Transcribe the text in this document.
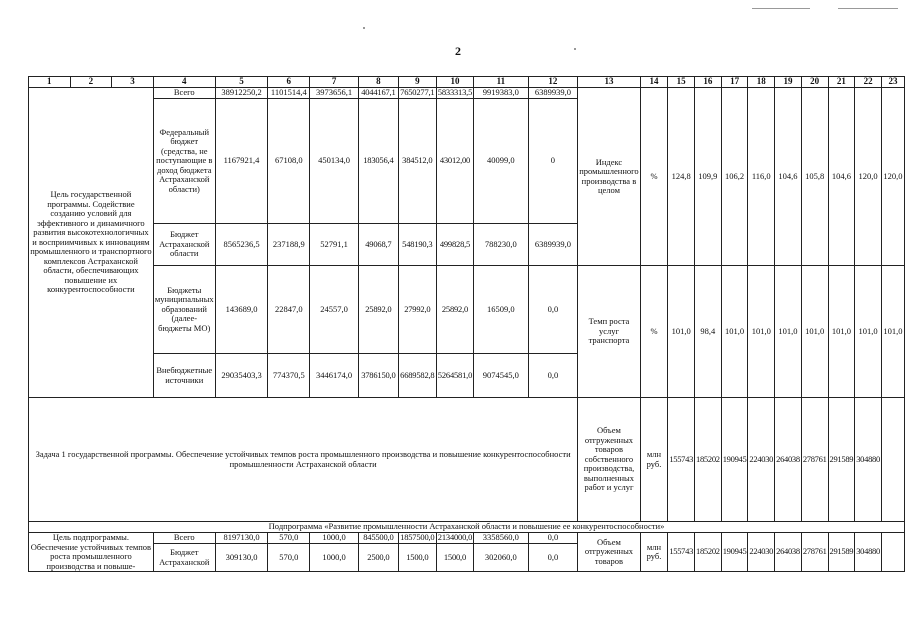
2
1	2	3	4	5	6	7	8	9	10	11	12	13	14	15	16	17	18	19	20	21	22	23
Цель государственной программы. Содействие созданию условий для эффективного и динамичного развития высокотехнологичных и восприимчивых к инновациям промышленного и транспортного комплексов Астраханской области, обеспечивающих повышение их конкурентоспособности			Всего	38912250,2	1101514,4	3973656,1	4044167,1	7650277,1	5833313,5	9919383,0	6389939,0	Индекс промышленного производства в целом	%	124,8	109,9	106,2	116,0	104,6	105,8	104,6	120,0	120,0
			Федеральный бюджет (средства, не поступающие в доход бюджета Астраханской области)	1167921,4	67108,0	450134,0	183056,4	384512,0	43012,00	40099,0	0											
			Бюджет Астраханской области	8565236,5	237188,9	52791,1	49068,7	548190,3	499828,5	788230,0	6389939,0											
			Бюджеты муниципальных образований (далее-бюджеты МО)	143689,0	22847,0	24557,0	25892,0	27992,0	25892,0	16509,0	0,0	Темп роста услуг транспорта	%	101,0	98,4	101,0	101,0	101,0	101,0	101,0	101,0	101,0
			Внебюджетные источники	29035403,3	774370,5	3446174,0	3786150,0	6689582,8	5264581,0	9074545,0	0,0											
Задача 1 государственной программы. Обеспечение устойчивых темпов роста промышленного производства и повышение конкурентоспособности промышленности Астраханской области												Объем отгруженных товаров собственного производства, выполненных работ и услуг	млн руб.	155743	185202	190945	224030	264038	278761	291589	304880	
Подпрограмма «Развитие промышленности Астраханской области и повышение ее конкурентоспособности»																						
Цель подпрограммы. Обеспечение устойчивых темпов роста промышленного производства и повыше-			Всего	8197130,0	570,0	1000,0	845500,0	1857500,0	2134000,0	3358560,0	0,0	Объем отгруженных товаров	млн руб.	155743	185202	190945	224030	264038	278761	291589	304880	
			Бюджет Астраханской	309130,0	570,0	1000,0	2500,0	1500,0	1500,0	302060,0	0,0											
